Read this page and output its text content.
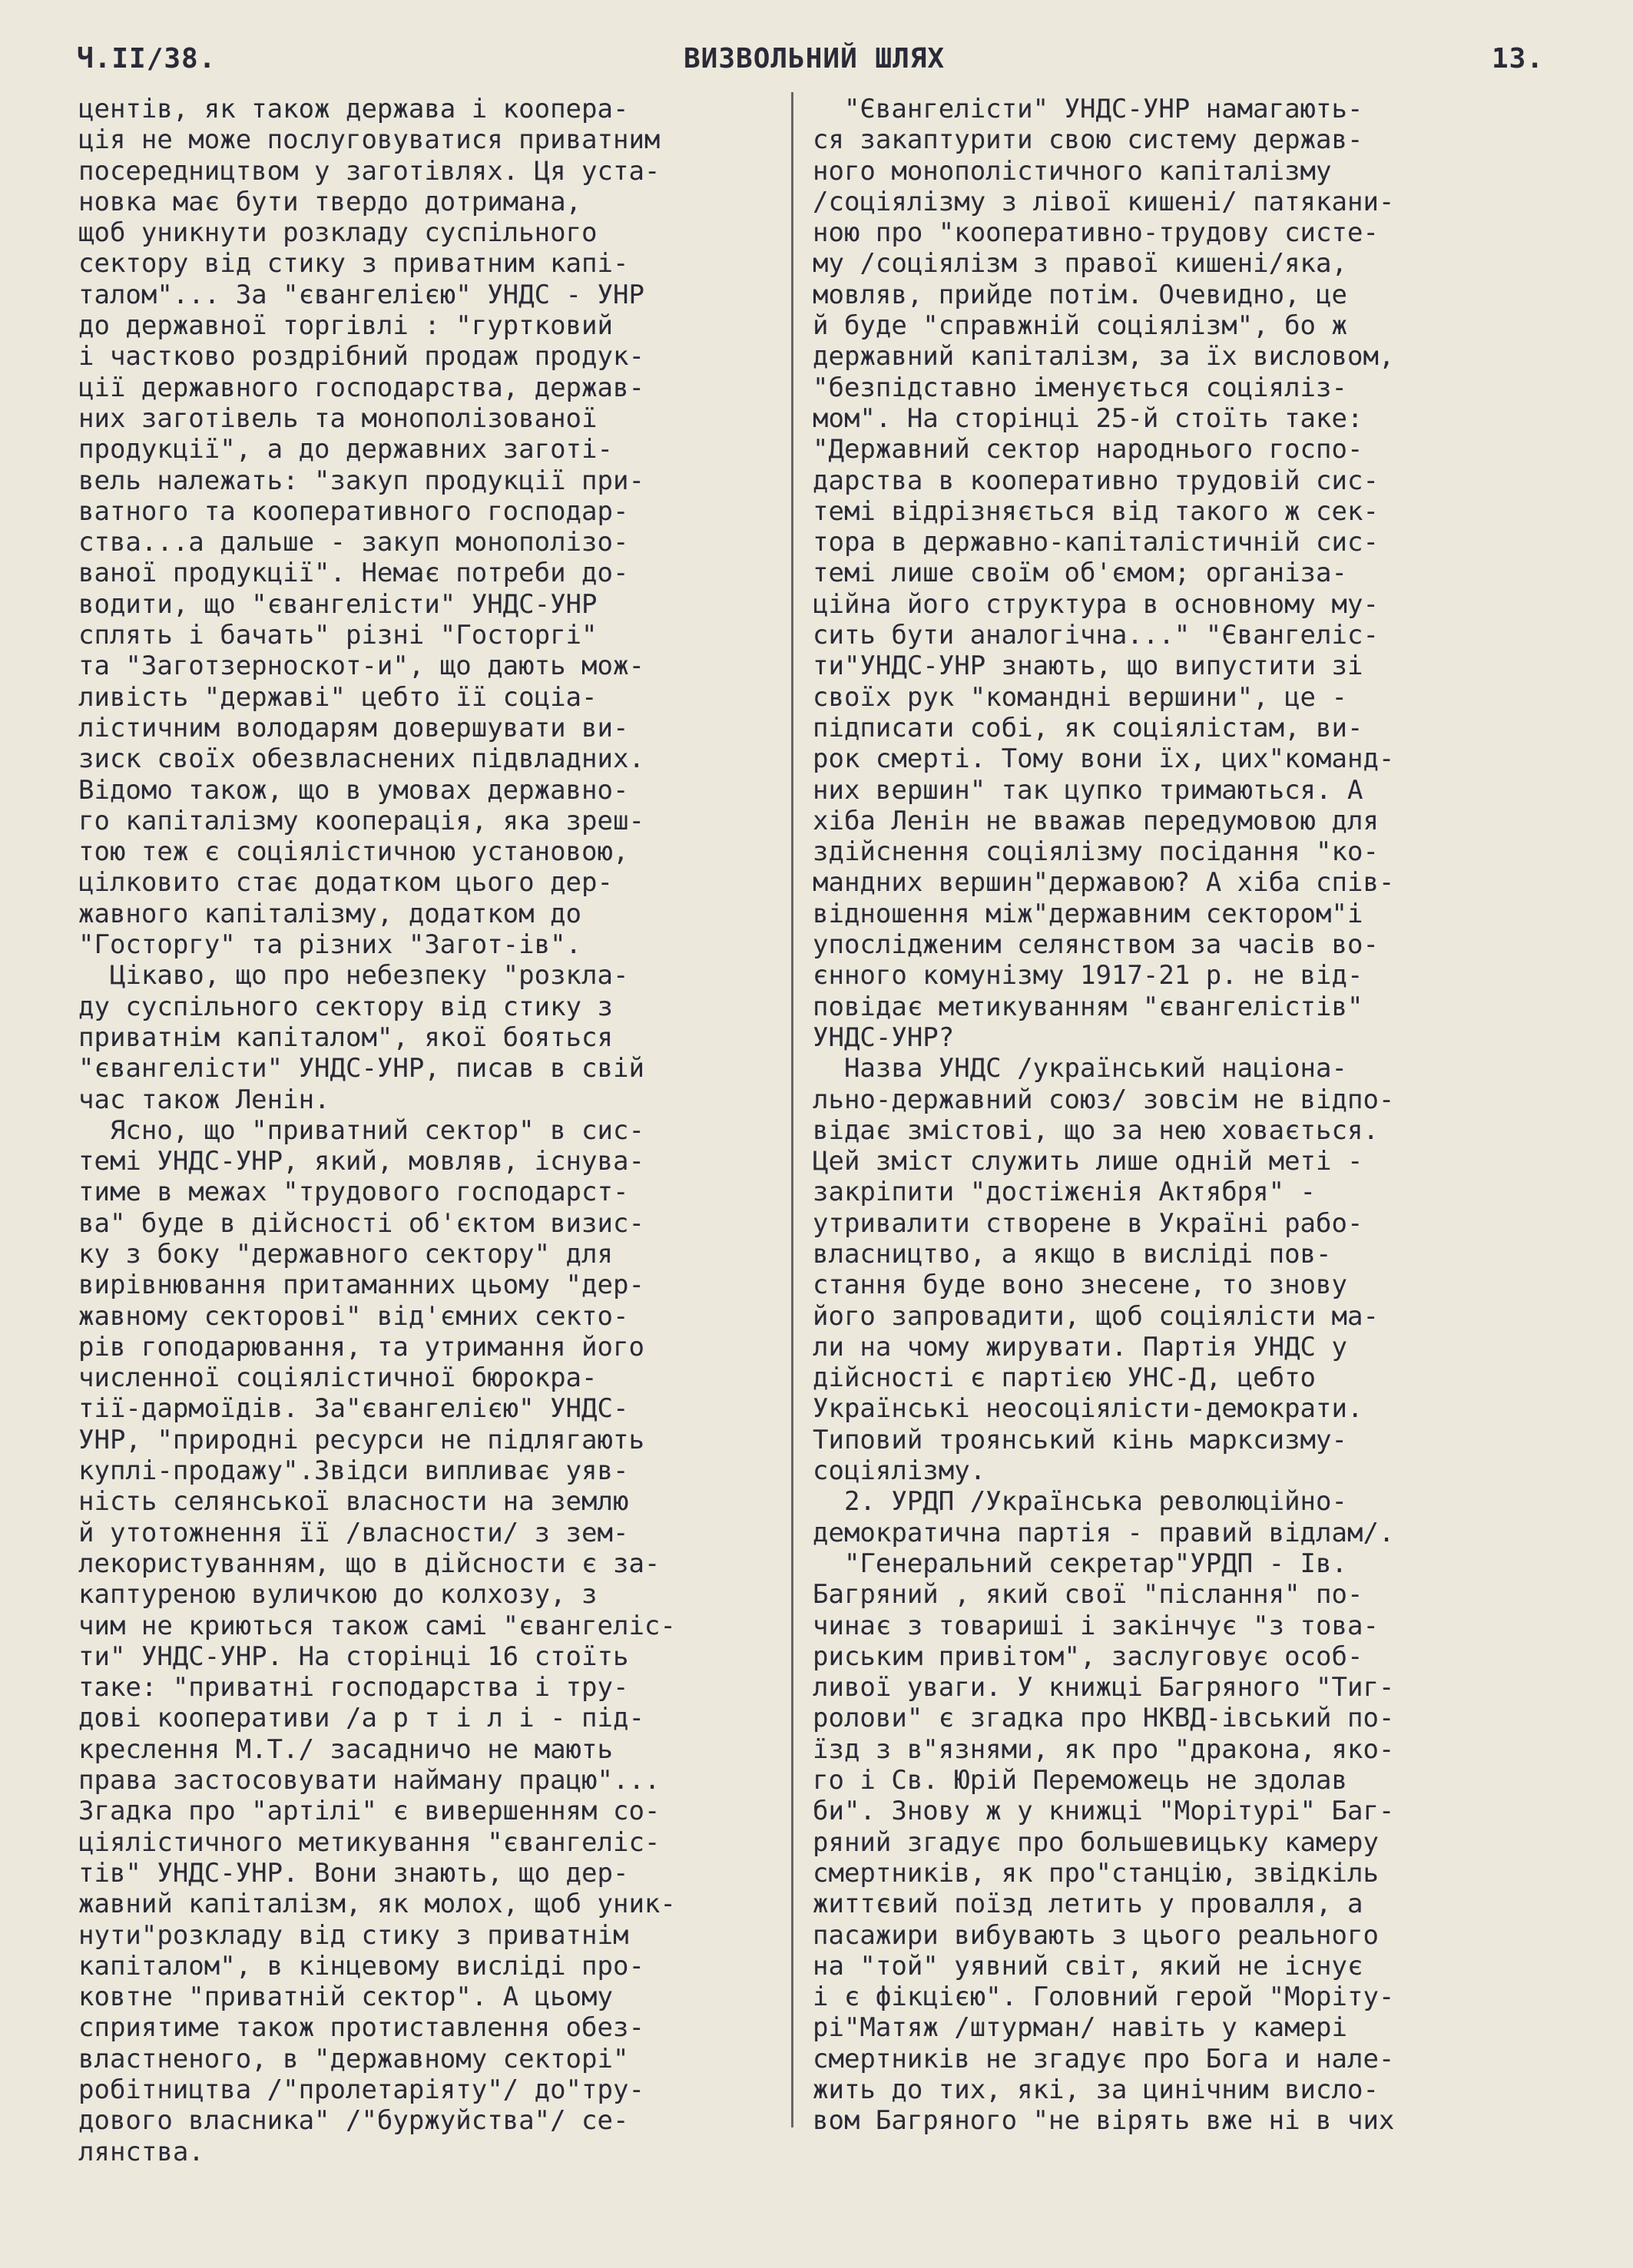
Ч.II/38.	ВИЗВОЛЬНИЙ ШЛЯХ	13.
центів, як також держава і коопера-
ція не може послуговуватися приватним
посередництвом у заготівлях. Ця уста-
новка має бути твердо дотримана,
щоб уникнути розкладу суспільного
сектору від стику з приватним капі-
талом"... За "євангелією" УНДС - УНР
до державної торгівлі : "гуртковий
і частково роздрібний продаж продук-
ції державного господарства, держав-
них заготівель та монополізованої
продукції", а до державних заготі-
вель належать: "закуп продукції при-
ватного та кооперативного господар-
ства...а дальше - закуп монополізо-
ваної продукції". Немає потреби до-
водити, що "євангелісти" УНДС-УНР
сплять і бачать" різні "Госторгі"
та "Заготзерноскот-и", що дають мож-
ливість "державі" цебто її соціа-
лістичним володарям довершувати ви-
зиск своїх обезвласнених підвладних.
Відомо також, що в умовах державно-
го капіталізму кооперація, яка зреш-
тою теж є соціялістичною установою,
цілковито стає додатком цього дер-
жавного капіталізму, додатком до
"Госторгу" та різних "Загот-ів".
Цікаво, що про небезпеку "розкла-
ду суспільного сектору від стику з
приватнім капіталом", якої бояться
"євангелісти" УНДС-УНР, писав в свій
час також Ленін.
Ясно, що "приватний сектор" в сис-
темі УНДС-УНР, який, мовляв, існува-
тиме в межах "трудового господарст-
ва" буде в дійсності об'єктом визис-
ку з боку "державного сектору" для
вирівнювання притаманних цьому "дер-
жавному секторові" від'ємних секто-
рів гоподарювання, та утримання його
численної соціялістичної бюрокра-
тії-дармоїдів. За"євангелією" УНДС-
УНР, "природні ресурси не підлягають
куплі-продажу".Звідси випливає уяв-
ність селянської власности на землю
й утотожнення її /власности/ з зем-
лекористуванням, що в дійсности є за-
каптуреною вуличкою до колхозу, з
чим не криються також самі "євангеліс-
ти" УНДС-УНР. На сторінці 16 стоїть
таке: "приватні господарства і тру-
дові кооперативи /а р т і л і - під-
креслення М.Т./ засадничо не мають
права застосовувати найману працю"...
Згадка про "артілі" є вивершенням со-
ціялістичного метикування "євангеліс-
тів" УНДС-УНР. Вони знають, що дер-
жавний капіталізм, як молох, щоб уник-
нути"розкладу від стику з приватнім
капіталом", в кінцевому висліді про-
ковтне "приватній сектор". А цьому
сприятиме також протиставлення обез-
властненого, в "державному секторі"
робітництва /"пролетаріяту"/ до"тру-
дового власника" /"буржуйства"/ се-
лянства.
"Євангелісти" УНДС-УНР намагають-
ся закаптурити свою систему держав-
ного монополістичного капіталізму
/соціялізму з лівої кишені/ патякани-
ною про "кооперативно-трудову систе-
му /соціялізм з правої кишені/яка,
мовляв, прийде потім. Очевидно, це
й буде "справжній соціялізм", бо ж
державний капіталізм, за їх висловом,
"безпідставно іменується соціяліз-
мом". На сторінці 25-й стоїть таке:
"Державний сектор народнього госпо-
дарства в кооперативно трудовій сис-
темі відрізняється від такого ж сек-
тора в державно-капіталістичній сис-
темі лише своїм об'ємом; організа-
ційна його структура в основному му-
сить бути аналогічна..." "Євангеліс-
ти"УНДС-УНР знають, що випустити зі
своїх рук "командні вершини", це -
підписати собі, як соціялістам, ви-
рок смерті. Тому вони їх, цих"команд-
них вершин" так цупко тримаються. А
хіба Ленін не вважав передумовою для
здійснення соціялізму посідання "ко-
мандних вершин"державою? А хіба спів-
відношення між"державним сектором"і
упослідженим селянством за часів во-
єнного комунізму 1917-21 р. не від-
повідає метикуванням "євангелістів"
УНДС-УНР?
Назва УНДС /український націона-
льно-державний союз/ зовсім не відпо-
відає змістові, що за нею ховається.
Цей зміст служить лише одній меті -
закріпити "достіжєнія Актября" -
утривалити створене в Україні рабо-
власництво, а якщо в висліді пов-
стання буде воно знесене, то знову
його запровадити, щоб соціялісти ма-
ли на чому жирувати. Партія УНДС у
дійсності є партією УНС-Д, цебто
Українські неосоціялісти-демократи.
Типовий троянський кінь марксизму-
соціялізму.
2. УРДП /Українська революційно-
демократична партія - правий відлам/.
"Генеральний секретар"УРДП - Ів.
Багряний , який свої "післання" по-
чинає з товариші і закінчує "з това-
риським привітом", заслуговує особ-
ливої уваги. У книжці Багряного "Тиг-
ролови" є згадка про НКВД-івський по-
їзд з в"язнями, як про "дракона, яко-
го і Св. Юрій Переможець не здолав
би". Знову ж у книжці "Морітурі" Баг-
ряний згадує про большевицьку камеру
смертників, як про"станцію, звідкіль
життєвий поїзд летить у провалля, а
пасажири вибувають з цього реального
на "той" уявний світ, який не існує
і є фікцією". Головний герой "Моріту-
рі"Матяж /штурман/ навіть у камері
смертників не згадує про Бога и нале-
жить до тих, які, за цинічним висло-
вом Багряного "не вірять вже ні в чих
